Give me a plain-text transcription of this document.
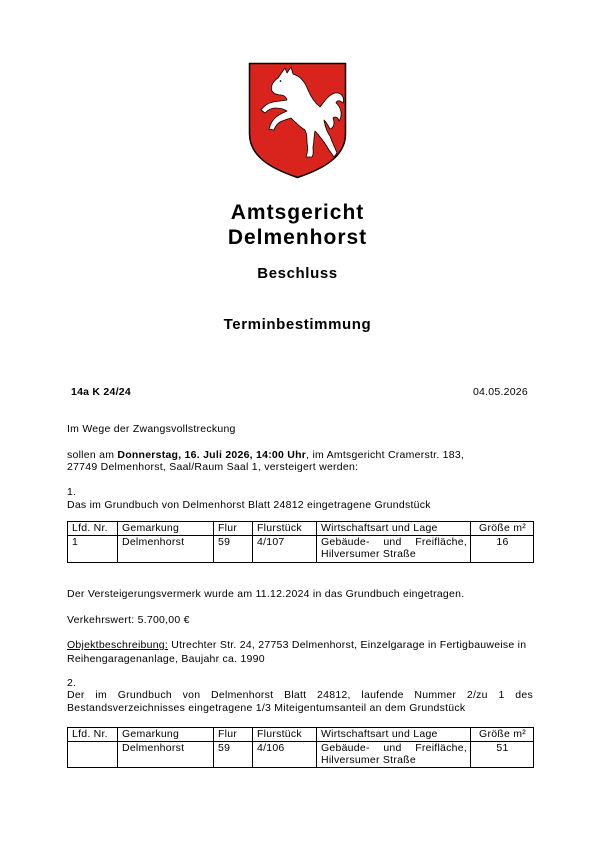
Amtsgericht
Delmenhorst
Beschluss
Terminbestimmung
14a K 24/24	04.05.2026
Im Wege der Zwangsvollstreckung
sollen am Donnerstag, 16. Juli 2026, 14:00 Uhr, im Amtsgericht Cramerstr. 183,
27749 Delmenhorst, Saal/Raum Saal 1, versteigert werden:
1.
Das im Grundbuch von Delmenhorst Blatt 24812 eingetragene Grundstück
Lfd. Nr.	Gemarkung	Flur	Flurstück	Wirtschaftsart und Lage	Größe m²
1	Delmenhorst	59	4/107	Gebäude- und Freifläche, Hilversumer Straße	16
Der Versteigerungsvermerk wurde am 11.12.2024 in das Grundbuch eingetragen.
Verkehrswert: 5.700,00 €
Objektbeschreibung: Utrechter Str. 24, 27753 Delmenhorst, Einzelgarage in Fertigbauweise in
Reihengaragenanlage, Baujahr ca. 1990
2.
Der im Grundbuch von Delmenhorst Blatt 24812, laufende Nummer 2/zu 1 des
Bestandsverzeichnisses eingetragene 1/3 Miteigentumsanteil an dem Grundstück
Lfd. Nr.	Gemarkung	Flur	Flurstück	Wirtschaftsart und Lage	Größe m²
	Delmenhorst	59	4/106	Gebäude- und Freifläche, Hilversumer Straße	51
